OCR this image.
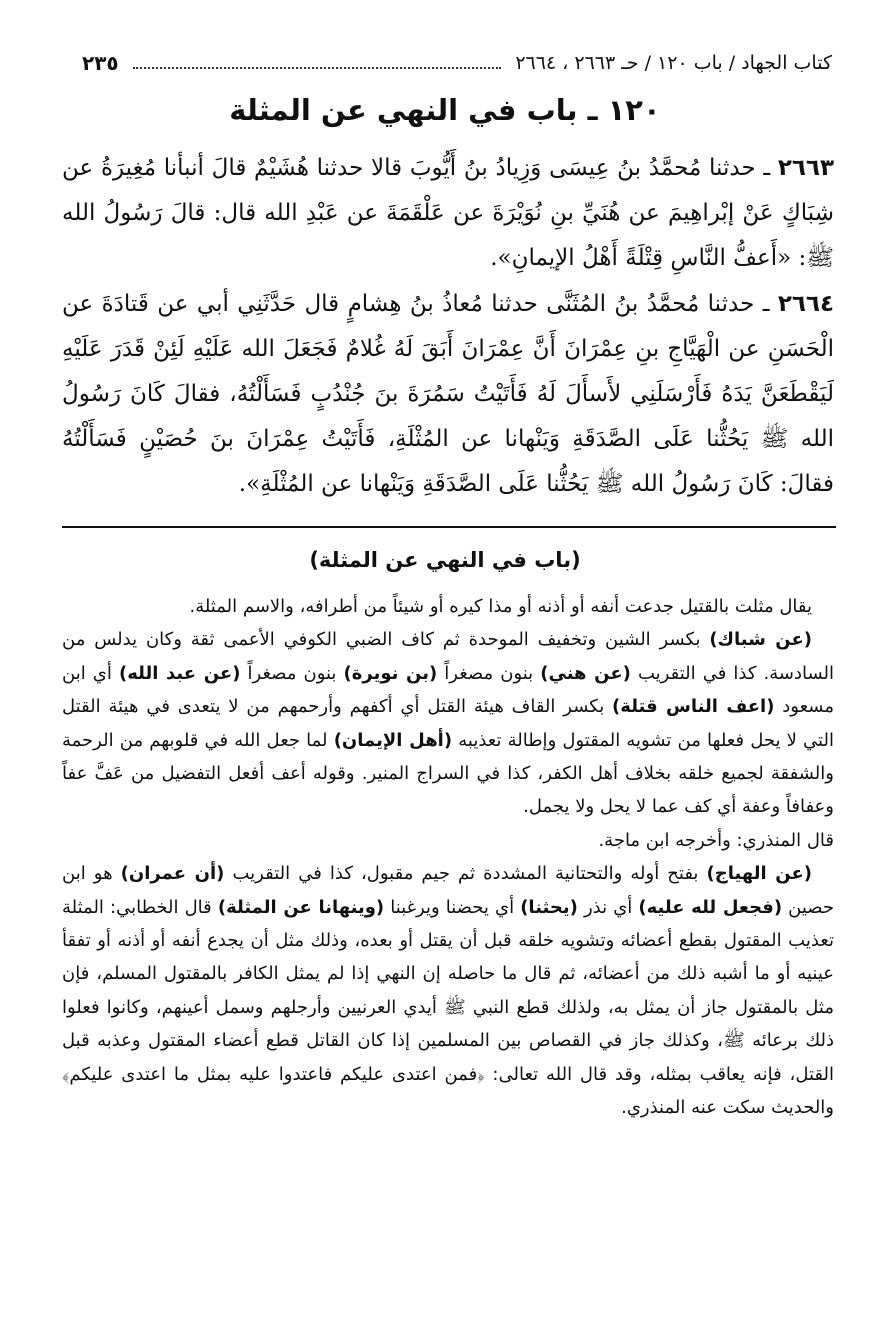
كتاب الجهاد / باب ١٢٠ / حـ ٢٦٦٣ ، ٢٦٦٤
٢٣٥
١٢٠ ـ باب في النهي عن المثلة
٢٦٦٣ ـ حدثنا مُحمَّدُ بنُ عِيسَى وَزِيادُ بنُ أَيُّوبَ قالا حدثنا هُشَيْمٌ قالَ أنبأنا مُغِيرَةُ عن شِبَاكٍ عَنْ إبْراهِيمَ عن هُنَيِّ بنِ نُوَيْرَةَ عن عَلْقَمَةَ عن عَبْدِ الله قال: قالَ رَسُولُ الله ﷺ: «أَعفُّ النَّاسِ قِتْلَةً أَهْلُ الإيمانِ».
٢٦٦٤ ـ حدثنا مُحمَّدُ بنُ المُثَنَّى حدثنا مُعاذُ بنُ هِشامٍ قال حَدَّثَنِي أبي عن قَتادَةَ عن الْحَسَنِ عن الْهَيَّاجِ بنِ عِمْرَانَ أَنَّ عِمْرَانَ أَبَقَ لَهُ غُلامٌ فَجَعَلَ الله عَلَيْهِ لَئِنْ قَدَرَ عَلَيْهِ لَيَقْطَعَنَّ يَدَهُ فَأَرْسَلَنِي لأَسأَلَ لَهُ فَأَتَيْتُ سَمُرَةَ بنَ جُنْدُبٍ فَسَأَلْتُهُ، فقالَ كَانَ رَسُولُ الله ﷺ يَحُثُّنا عَلَى الصَّدَقَةِ وَيَنْهانا عن المُثْلَةِ، فَأَتَيْتُ عِمْرَانَ بنَ حُصَيْنٍ فَسَأَلْتُهُ فقالَ: كَانَ رَسُولُ الله ﷺ يَحُثُّنا عَلَى الصَّدَقَةِ وَيَنْهانا عن المُثْلَةِ».
(باب في النهي عن المثلة)

يقال مثلت بالقتيل جدعت أنفه أو أذنه أو مذا كيره أو شيئاً من أطرافه، والاسم المثلة.

(عن شباك) بكسر الشين وتخفيف الموحدة ثم كاف الضبي الكوفي الأعمى ثقة وكان يدلس من السادسة. كذا في التقريب (عن هني) بنون مصغراً (بن نويرة) بنون مصغراً (عن عبد الله) أي ابن مسعود (اعف الناس قتلة) بكسر القاف هيئة القتل أي أكفهم وأرحمهم من لا يتعدى في هيئة القتل التي لا يحل فعلها من تشويه المقتول وإطالة تعذيبه (أهل الإيمان) لما جعل الله في قلوبهم من الرحمة والشفقة لجميع خلقه بخلاف أهل الكفر، كذا في السراج المنير. وقوله أعف أفعل التفضيل من عَفَّ عفاً وعفافاً وعفة أي كف عما لا يحل ولا يجمل.

قال المنذري: وأخرجه ابن ماجة.

(عن الهياج) بفتح أوله والتحتانية المشددة ثم جيم مقبول، كذا في التقريب (أن عمران) هو ابن حصين (فجعل لله عليه) أي نذر (يحثنا) أي يحضنا ويرغبنا (وينهانا عن المثلة) قال الخطابي: المثلة تعذيب المقتول بقطع أعضائه وتشويه خلقه قبل أن يقتل أو بعده، وذلك مثل أن يجدع أنفه أو أذنه أو تفقأ عينيه أو ما أشبه ذلك من أعضائه، ثم قال ما حاصله إن النهي إذا لم يمثل الكافر بالمقتول المسلم، فإن مثل بالمقتول جاز أن يمثل به، ولذلك قطع النبي ﷺ أيدي العرنيين وأرجلهم وسمل أعينهم، وكانوا فعلوا ذلك برعائه ﷺ، وكذلك جاز في القصاص بين المسلمين إذا كان القاتل قطع أعضاء المقتول وعذبه قبل القتل، فإنه يعاقب بمثله، وقد قال الله تعالى: ﴿فمن اعتدى عليكم فاعتدوا عليه بمثل ما اعتدى عليكم﴾ والحديث سكت عنه المنذري.
